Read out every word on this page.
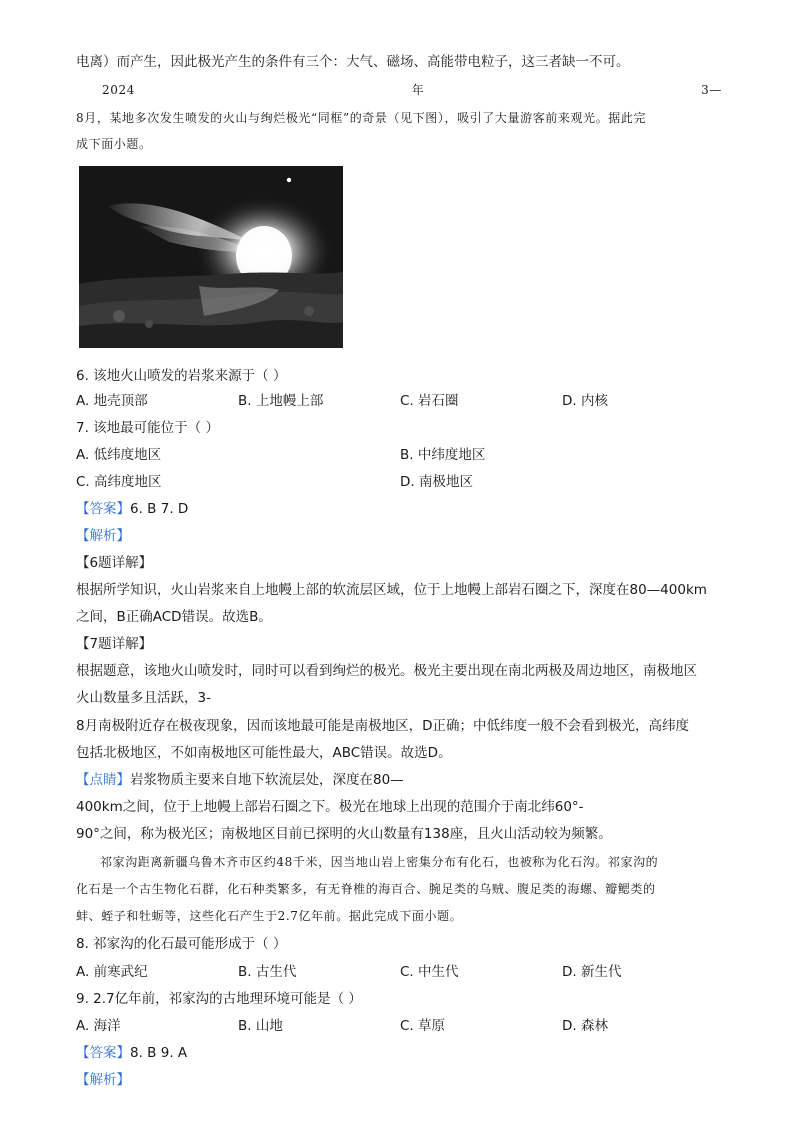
电离）而产生，因此极光产生的条件有三个：大气、磁场、高能带电粒子，这三者缺一不可。
2024	年	3—
8月，某地多次发生喷发的火山与绚烂极光“同框”的奇景（见下图），吸引了大量游客前来观光。据此完
成下面小题。
6. 该地火山喷发的岩浆来源于（ ）
A. 地壳顶部	B. 上地幔上部	C. 岩石圈	D. 内核
7. 该地最可能位于（ ）
A. 低纬度地区	B. 中纬度地区
C. 高纬度地区	D. 南极地区
【答案】6. B 7. D
【解析】
【6题详解】
根据所学知识，火山岩浆来自上地幔上部的软流层区域，位于上地幔上部岩石圈之下，深度在80—400km
之间，B正确ACD错误。故选B。
【7题详解】
根据题意，该地火山喷发时，同时可以看到绚烂的极光。极光主要出现在南北两极及周边地区，南极地区
火山数量多且活跃，3-
8月南极附近存在极夜现象，因而该地最可能是南极地区，D正确；中低纬度一般不会看到极光，高纬度
包括北极地区，不如南极地区可能性最大，ABC错误。故选D。
【点睛】岩浆物质主要来自地下软流层处，深度在80—
400km之间，位于上地幔上部岩石圈之下。极光在地球上出现的范围介于南北纬60°-
90°之间，称为极光区；南极地区目前已探明的火山数量有138座，且火山活动较为频繁。
祁家沟距离新疆乌鲁木齐市区约48千米，因当地山岩上密集分布有化石，也被称为化石沟。祁家沟的
化石是一个古生物化石群，化石种类繁多，有无脊椎的海百合、腕足类的乌贼、腹足类的海螺、瓣鳃类的
蚌、蛭子和牡蛎等，这些化石产生于2.7亿年前。据此完成下面小题。
8. 祁家沟的化石最可能形成于（ ）
A. 前寒武纪	B. 古生代	C. 中生代	D. 新生代
9. 2.7亿年前，祁家沟的古地理环境可能是（ ）
A. 海洋	B. 山地	C. 草原	D. 森林
【答案】8. B 9. A
【解析】
